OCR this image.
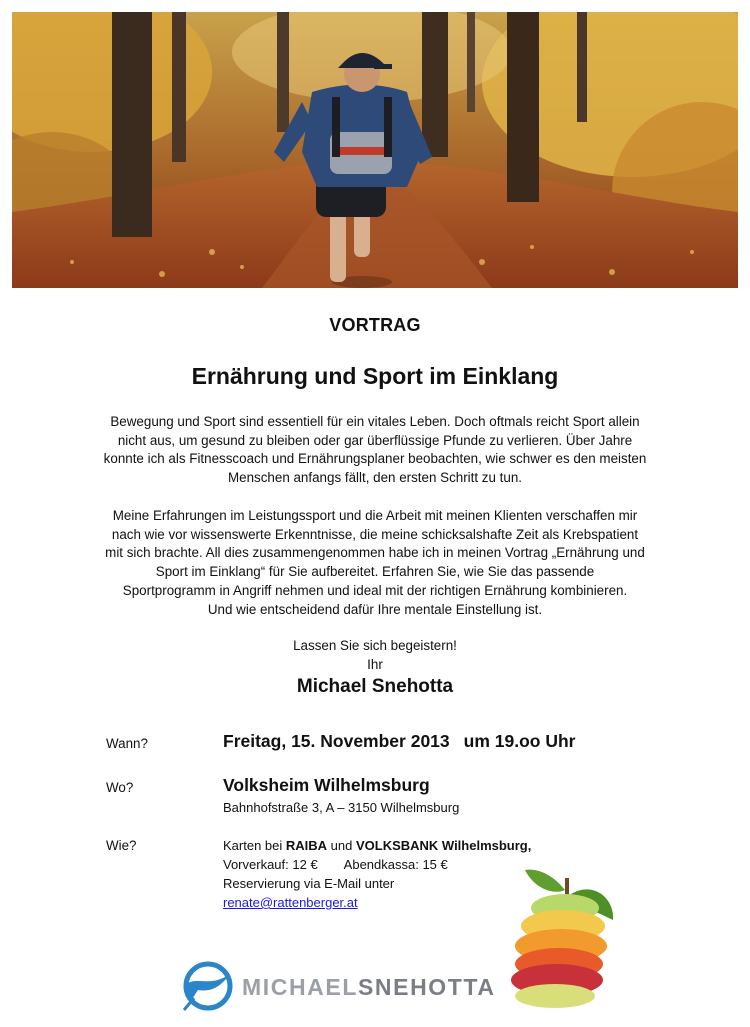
VORTRAG
Ernährung und Sport im Einklang
Bewegung und Sport sind essentiell für ein vitales Leben. Doch oftmals reicht Sport allein
nicht aus, um gesund zu bleiben oder gar überflüssige Pfunde zu verlieren. Über Jahre
konnte ich als Fitnesscoach und Ernährungsplaner beobachten, wie schwer es den meisten
Menschen anfangs fällt, den ersten Schritt zu tun.
Meine Erfahrungen im Leistungssport und die Arbeit mit meinen Klienten verschaffen mir
nach wie vor wissenswerte Erkenntnisse, die meine schicksalshafte Zeit als Krebspatient
mit sich brachte. All dies zusammengenommen habe ich in meinen Vortrag „Ernährung und
Sport im Einklang“ für Sie aufbereitet. Erfahren Sie, wie Sie das passende
Sportprogramm in Angriff nehmen und ideal mit der richtigen Ernährung kombinieren.
Und wie entscheidend dafür Ihre mentale Einstellung ist.
Lassen Sie sich begeistern!
Ihr
Michael Snehotta
Wann?	Freitag, 15. November 2013 um 19.oo Uhr
Wo?	Volksheim Wilhelmsburg
Bahnhofstraße 3, A – 3150 Wilhelmsburg
Wie?	Karten bei RAIBA und VOLKSBANK Wilhelmsburg,
Vorverkauf: 12 € Abendkassa: 15 €
Reservierung via E-Mail unter
renate@rattenberger.at
MICHAELSNEHOTTA
